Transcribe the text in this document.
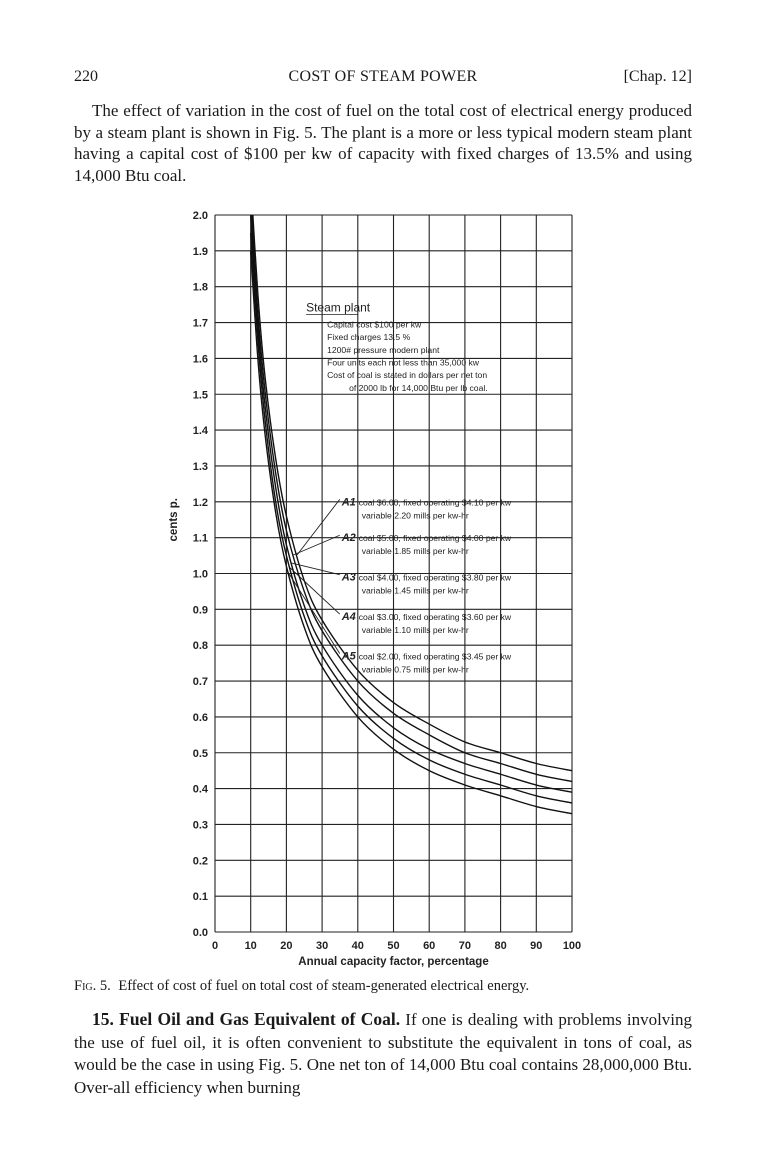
220	COST OF STEAM POWER	[Chap. 12]

The effect of variation in the cost of fuel on the total cost of electrical energy produced by a steam plant is shown in Fig. 5. The plant is a more or less typical modern steam plant having a capital cost of $100 per kw of capacity with fixed charges of 13.5% and using 14,000 Btu coal.

0 10 20 30 40 50 60 70 80 90 100
0.0
0.1
0.2
0.3
0.4
0.5
0.6
0.7
0.8
0.9
1.0
1.1
1.2
1.3
1.4
1.5
1.6
1.7
1.8
1.9
2.0
Annual capacity factor, percentage
cents p.
Steam plant
Capital cost $100 per kw
Fixed charges 13.5 %
1200# pressure modern plant
Four units each not less than 35,000 kw
Cost of coal is stated in dollars per net ton
of 2000 lb for 14,000 Btu per lb coal.
A1 coal $6.00, fixed operating $4.10 per kw
variable 2.20 mills per kw-hr
A2 coal $5.00, fixed operating $4.00 per kw
variable 1.85 mills per kw-hr
A3 coal $4.00, fixed operating $3.80 per kw
variable 1.45 mills per kw-hr
A4 coal $3.00, fixed operating $3.60 per kw
variable 1.10 mills per kw-hr
A5 coal $2.00, fixed operating $3.45 per kw
variable 0.75 mills per kw-hr

Fig. 5. Effect of cost of fuel on total cost of steam-generated electrical energy.

15. Fuel Oil and Gas Equivalent of Coal. If one is dealing with problems involving the use of fuel oil, it is often convenient to substitute the equivalent in tons of coal, as would be the case in using Fig. 5. One net ton of 14,000 Btu coal contains 28,000,000 Btu. Over-all efficiency when burning
